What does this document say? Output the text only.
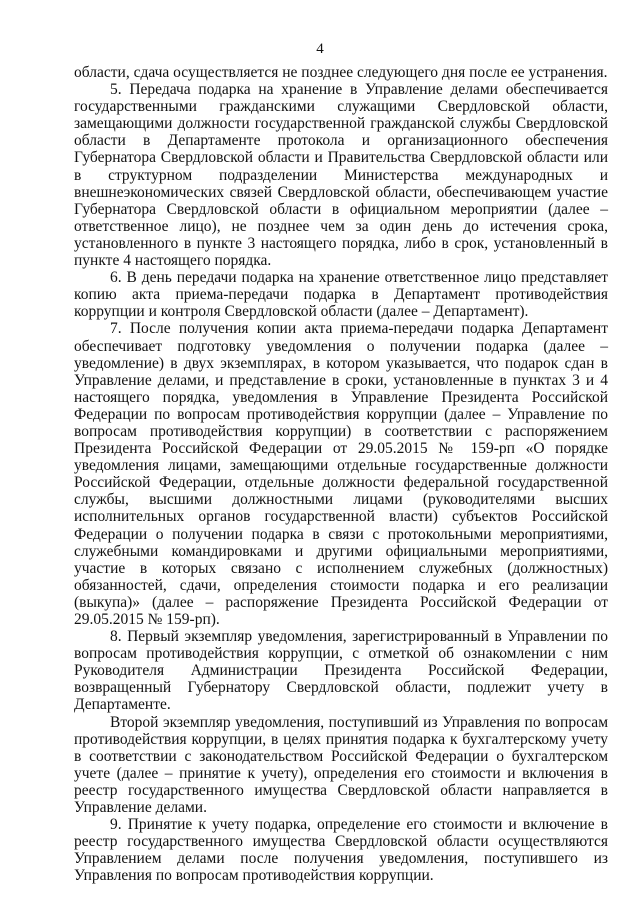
4

области, сдача осуществляется не позднее следующего дня после ее устранения.

5. Передача подарка на хранение в Управление делами обеспечивается государственными гражданскими служащими Свердловской области, замещающими должности государственной гражданской службы Свердловской области в Департаменте протокола и организационного обеспечения Губернатора Свердловской области и Правительства Свердловской области или в структурном подразделении Министерства международных и внешнеэкономических связей Свердловской области, обеспечивающем участие Губернатора Свердловской области в официальном мероприятии (далее – ответственное лицо), не позднее чем за один день до истечения срока, установленного в пункте 3 настоящего порядка, либо в срок, установленный в пункте 4 настоящего порядка.

6. В день передачи подарка на хранение ответственное лицо представляет копию акта приема-передачи подарка в Департамент противодействия коррупции и контроля Свердловской области (далее – Департамент).

7. После получения копии акта приема-передачи подарка Департамент обеспечивает подготовку уведомления о получении подарка (далее – уведомление) в двух экземплярах, в котором указывается, что подарок сдан в Управление делами, и представление в сроки, установленные в пунктах 3 и 4 настоящего порядка, уведомления в Управление Президента Российской Федерации по вопросам противодействия коррупции (далее – Управление по вопросам противодействия коррупции) в соответствии с распоряжением Президента Российской Федерации от 29.05.2015 № 159-рп «О порядке уведомления лицами, замещающими отдельные государственные должности Российской Федерации, отдельные должности федеральной государственной службы, высшими должностными лицами (руководителями высших исполнительных органов государственной власти) субъектов Российской Федерации о получении подарка в связи с протокольными мероприятиями, служебными командировками и другими официальными мероприятиями, участие в которых связано с исполнением служебных (должностных) обязанностей, сдачи, определения стоимости подарка и его реализации (выкупа)» (далее – распоряжение Президента Российской Федерации от 29.05.2015 № 159-рп).

8. Первый экземпляр уведомления, зарегистрированный в Управлении по вопросам противодействия коррупции, с отметкой об ознакомлении с ним Руководителя Администрации Президента Российской Федерации, возвращенный Губернатору Свердловской области, подлежит учету в Департаменте.

Второй экземпляр уведомления, поступивший из Управления по вопросам противодействия коррупции, в целях принятия подарка к бухгалтерскому учету в соответствии с законодательством Российской Федерации о бухгалтерском учете (далее – принятие к учету), определения его стоимости и включения в реестр государственного имущества Свердловской области направляется в Управление делами.

9. Принятие к учету подарка, определение его стоимости и включение в реестр государственного имущества Свердловской области осуществляются Управлением делами после получения уведомления, поступившего из Управления по вопросам противодействия коррупции.
